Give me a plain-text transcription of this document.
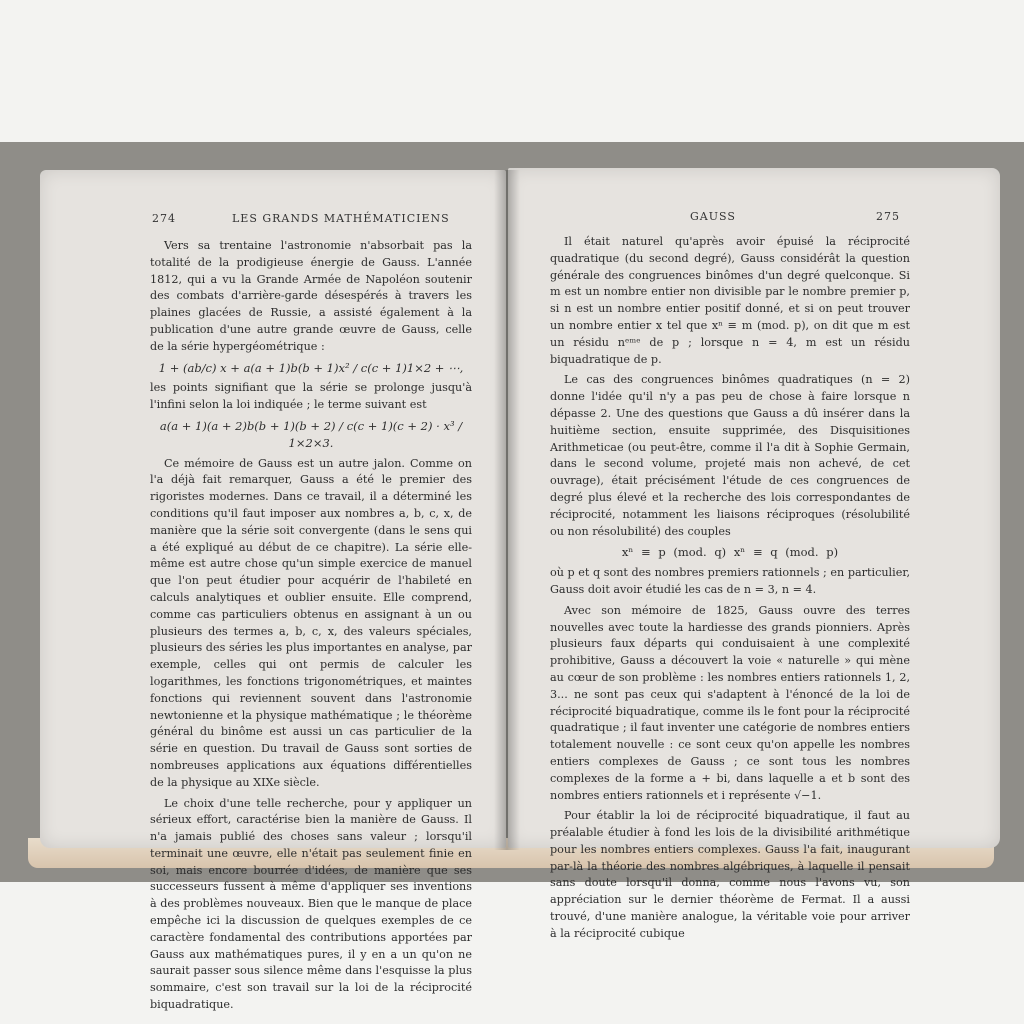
274	LES GRANDS MATHÉMATICIENS

Vers sa trentaine l'astronomie n'absorbait pas la totalité de la prodigieuse énergie de Gauss. L'année 1812, qui a vu la Grande Armée de Napoléon soutenir des combats d'arrière-garde désespérés à travers les plaines glacées de Russie, a assisté également à la publication d'une autre grande œuvre de Gauss, celle de la série hypergéométrique :

1 + (ab/c) x + a(a + 1)b(b + 1)x² / c(c + 1)1×2 + ⋯,

les points signifiant que la série se prolonge jusqu'à l'infini selon la loi indiquée ; le terme suivant est

a(a + 1)(a + 2)b(b + 1)(b + 2) / c(c + 1)(c + 2) · x³ / 1×2×3.

Ce mémoire de Gauss est un autre jalon. Comme on l'a déjà fait remarquer, Gauss a été le premier des rigoristes modernes. Dans ce travail, il a déterminé les conditions qu'il faut imposer aux nombres a, b, c, x, de manière que la série soit convergente (dans le sens qui a été expliqué au début de ce chapitre). La série elle-même est autre chose qu'un simple exercice de manuel que l'on peut étudier pour acquérir de l'habileté en calculs analytiques et oublier ensuite. Elle comprend, comme cas particuliers obtenus en assignant à un ou plusieurs des termes a, b, c, x, des valeurs spéciales, plusieurs des séries les plus importantes en analyse, par exemple, celles qui ont permis de calculer les logarithmes, les fonctions trigonométriques, et maintes fonctions qui reviennent souvent dans l'astronomie newtonienne et la physique mathématique ; le théorème général du binôme est aussi un cas particulier de la série en question. Du travail de Gauss sont sorties de nombreuses applications aux équations différentielles de la physique au XIXe siècle.

Le choix d'une telle recherche, pour y appliquer un sérieux effort, caractérise bien la manière de Gauss. Il n'a jamais publié des choses sans valeur ; lorsqu'il terminait une œuvre, elle n'était pas seulement finie en soi, mais encore bourrée d'idées, de manière que ses successeurs fussent à même d'appliquer ses inventions à des problèmes nouveaux. Bien que le manque de place empêche ici la discussion de quelques exemples de ce caractère fondamental des contributions apportées par Gauss aux mathématiques pures, il y en a un qu'on ne saurait passer sous silence même dans l'esquisse la plus sommaire, c'est son travail sur la loi de la réciprocité biquadratique.

GAUSS	275

Il était naturel qu'après avoir épuisé la réciprocité quadratique (du second degré), Gauss considérât la question générale des congruences binômes d'un degré quelconque. Si m est un nombre entier non divisible par le nombre premier p, si n est un nombre entier positif donné, et si on peut trouver un nombre entier x tel que xⁿ ≡ m (mod. p), on dit que m est un résidu nᵉᵐᵉ de p ; lorsque n = 4, m est un résidu biquadratique de p.

Le cas des congruences binômes quadratiques (n = 2) donne l'idée qu'il n'y a pas peu de chose à faire lorsque n dépasse 2. Une des questions que Gauss a dû insérer dans la huitième section, ensuite supprimée, des Disquisitiones Arithmeticae (ou peut-être, comme il l'a dit à Sophie Germain, dans le second volume, projeté mais non achevé, de cet ouvrage), était précisément l'étude de ces congruences de degré plus élevé et la recherche des lois correspondantes de réciprocité, notamment les liaisons réciproques (résolubilité ou non résolubilité) des couples

xⁿ ≡ p (mod. q) xⁿ ≡ q (mod. p)

où p et q sont des nombres premiers rationnels ; en particulier, Gauss doit avoir étudié les cas de n = 3, n = 4.

Avec son mémoire de 1825, Gauss ouvre des terres nouvelles avec toute la hardiesse des grands pionniers. Après plusieurs faux départs qui conduisaient à une complexité prohibitive, Gauss a découvert la voie « naturelle » qui mène au cœur de son problème : les nombres entiers rationnels 1, 2, 3... ne sont pas ceux qui s'adaptent à l'énoncé de la loi de réciprocité biquadratique, comme ils le font pour la réciprocité quadratique ; il faut inventer une catégorie de nombres entiers totalement nouvelle : ce sont ceux qu'on appelle les nombres entiers complexes de Gauss ; ce sont tous les nombres complexes de la forme a + bi, dans laquelle a et b sont des nombres entiers rationnels et i représente √−1.

Pour établir la loi de réciprocité biquadratique, il faut au préalable étudier à fond les lois de la divisibilité arithmétique pour les nombres entiers complexes. Gauss l'a fait, inaugurant par-là la théorie des nombres algébriques, à laquelle il pensait sans doute lorsqu'il donna, comme nous l'avons vu, son appréciation sur le dernier théorème de Fermat. Il a aussi trouvé, d'une manière analogue, la véritable voie pour arriver à la réciprocité cubique
